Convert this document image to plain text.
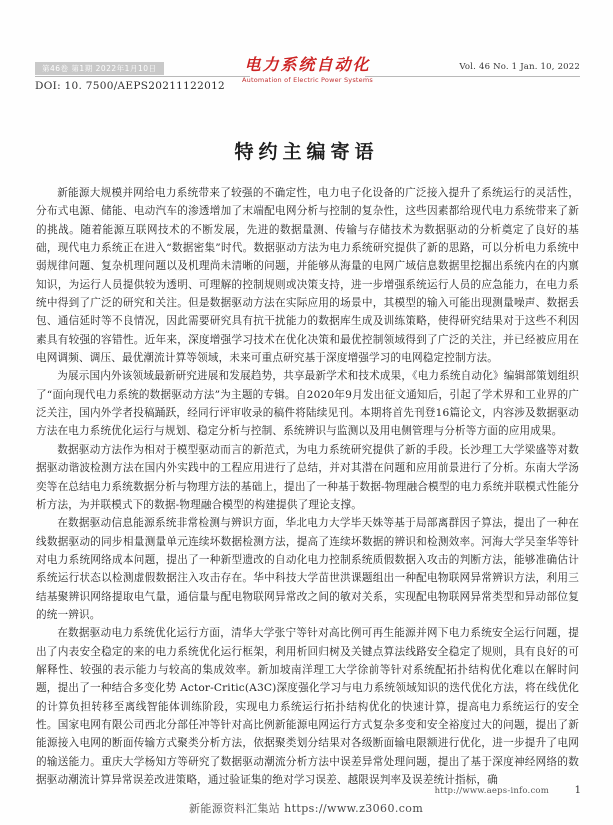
第46卷 第1期 2022年1月10日
DOI: 10. 7500/AEPS20211122012
电力系统自动化
Automation of Electric Power Systems
Vol. 46 No. 1 Jan. 10, 2022
特约主编寄语

新能源大规模并网给电力系统带来了较强的不确定性，电力电子化设备的广泛接入提升了系统运行的灵活性，分布式电源、储能、电动汽车的渗透增加了末端配电网分析与控制的复杂性，这些因素都给现代电力系统带来了新的挑战。随着能源互联网技术的不断发展，先进的数据量测、传输与存储技术为数据驱动的分析奠定了良好的基础，现代电力系统正在进入“数据密集”时代。数据驱动方法为电力系统研究提供了新的思路，可以分析电力系统中弱规律问题、复杂机理问题以及机理尚未清晰的问题，并能够从海量的电网广域信息数据里挖掘出系统内在的内禀知识，为运行人员提供较为透明、可理解的控制规则或决策支持，进一步增强系统运行人员的应急能力，在电力系统中得到了广泛的研究和关注。但是数据驱动方法在实际应用的场景中，其模型的输入可能出现测量噪声、数据丢包、通信延时等不良情况，因此需要研究具有抗干扰能力的数据库生成及训练策略，使得研究结果对于这些不利因素具有较强的容错性。近年来，深度增强学习技术在优化决策和最优控制领域得到了广泛的关注，并已经被应用在电网调频、调压、最优潮流计算等领域，未来可重点研究基于深度增强学习的电网稳定控制方法。

为展示国内外该领域最新研究进展和发展趋势，共享最新学术和技术成果，《电力系统自动化》编辑部策划组织了“面向现代电力系统的数据驱动方法”为主题的专辑。自2020年9月发出征文通知后，引起了学术界和工业界的广泛关注，国内外学者投稿踊跃，经同行评审收录的稿件将陆续见刊。本期将首先刊登16篇论文，内容涉及数据驱动方法在电力系统优化运行与规划、稳定分析与控制、系统辨识与监测以及用电侧管理与分析等方面的应用成果。

数据驱动方法作为相对于模型驱动而言的新范式，为电力系统研究提供了新的手段。长沙理工大学梁盛等对数据驱动谐波检测方法在国内外实践中的工程应用进行了总结，并对其潜在问题和应用前景进行了分析。东南大学汤奕等在总结电力系统数据分析与物理方法的基础上，提出了一种基于数据-物理融合模型的电力系统并联模式性能分析方法，为并联模式下的数据-物理融合模型的构建提供了理论支撑。

在数据驱动信息能源系统非常检测与辨识方面，华北电力大学毕天姝等基于局部离群因子算法，提出了一种在线数据驱动的同步相量测量单元连续坏数据检测方法，提高了连续坏数据的辨识和检测效率。河海大学吴奎华等针对电力系统网络成本问题，提出了一种新型遗改的自动化电力控制系统质假数据入攻击的判断方法，能够准确估计系统运行状态以检测虚假数据注入攻击存在。华中科技大学苗世洪课题组出一种配电物联网异常辨识方法，利用三结基聚辨识网络提取电气量，通信量与配电物联网异常改之间的敏对关系，实现配电物联网异常类型和异动部位复的统一辨识。

在数据驱动电力系统优化运行方面，清华大学张宁等针对高比例可再生能源并网下电力系统安全运行问题，提出了内表安全稳定的来的电力系统优化运行框架，利用析回归树及关键点算法线路安全稳定了规则，具有良好的可解释性、较强的表示能力与较高的集成效率。新加坡南洋理工大学徐前等针对系统配拓扑结构优化难以在解时问题，提出了一种结合多变化势 Actor-Critic(A3C)深度强化学习与电力系统领域知识的迭代优化方法，将在线优化的计算负担转移至离线智能体训练阶段，实现电力系统运行拓扑结构优化的快速计算，提高电力系统运行的安全性。国家电网有限公司西北分部任冲等针对高比例新能源电网运行方式复杂多变和安全裕度过大的问题，提出了新能源接入电网的断面传输方式聚类分析方法，依据聚类划分结果对各级断面输电限额进行优化，进一步提升了电网的输送能力。重庆大学杨知方等研究了数据驱动潮流分析方法中误差异常处理问题，提出了基于深度神经网络的数据驱动潮流计算异常误差改进策略，通过验证集的绝对学习误差、越限误判率及误差统计指标，确

http://www.aeps-info.com	1
新能源资料汇集站 https://www.z3060.com
